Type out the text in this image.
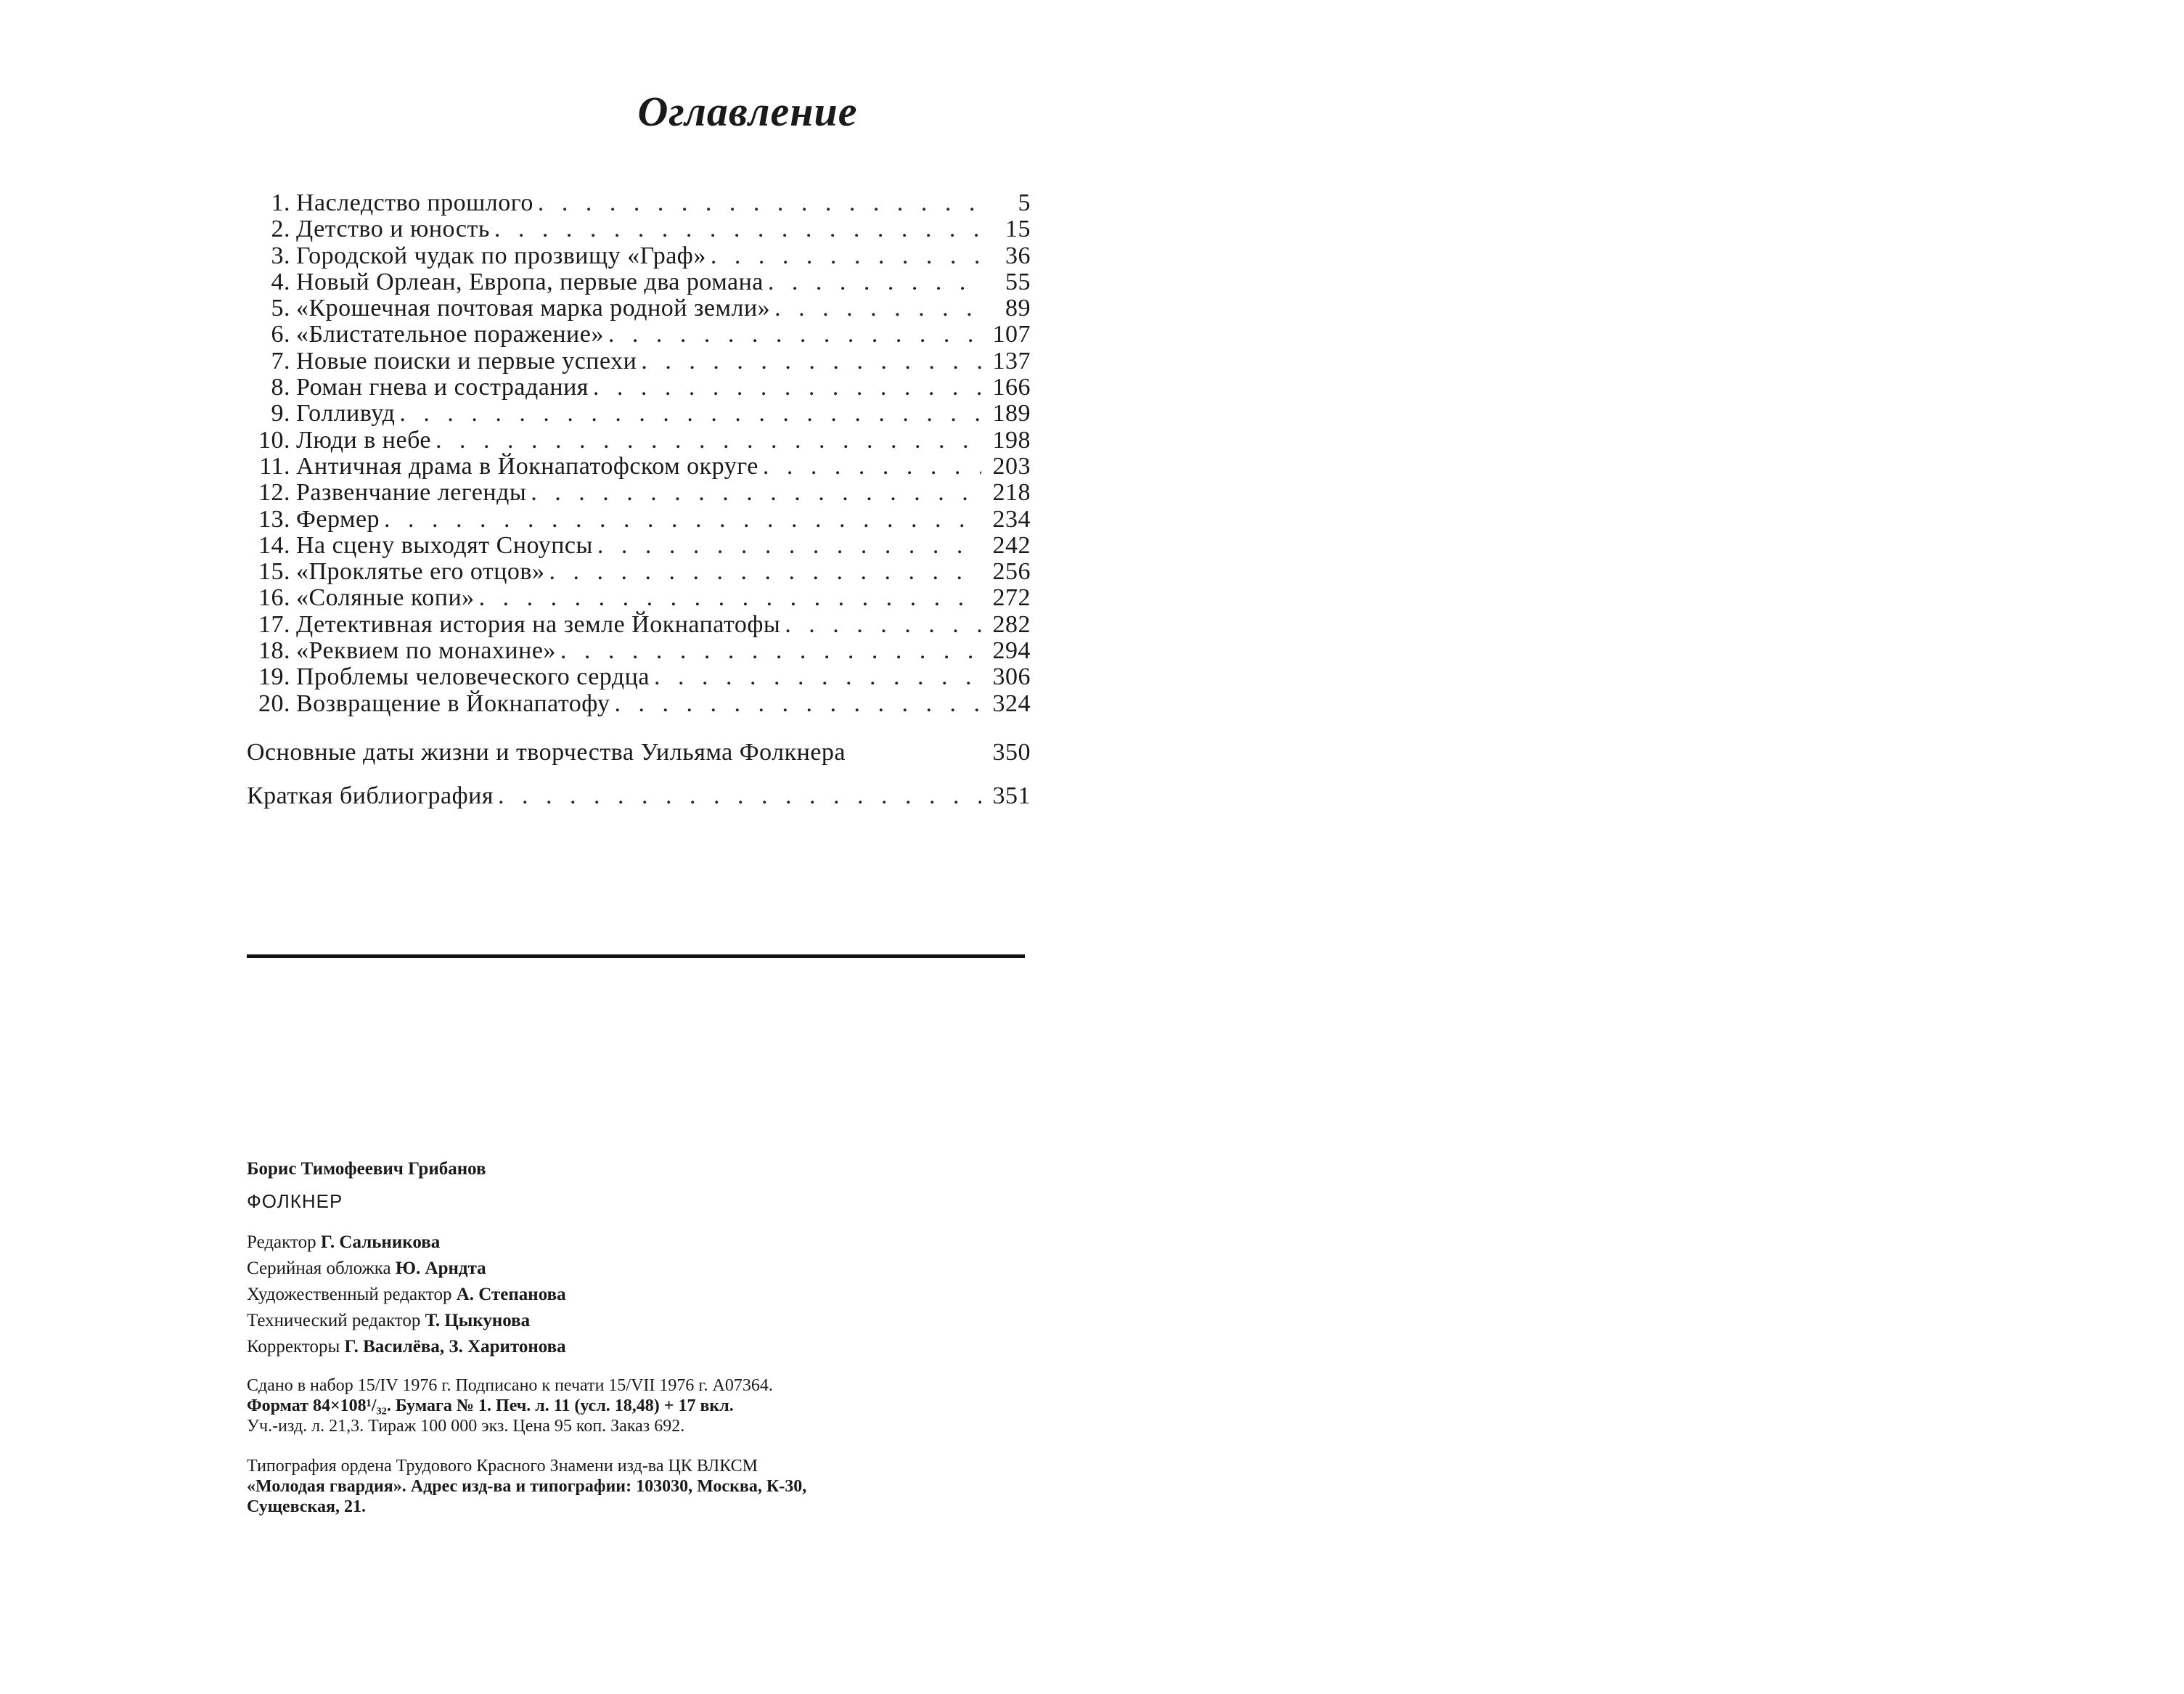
Оглавление
1. Наследство прошлого . . .	5
2. Детство и юность . . .	15
3. Городской чудак по прозвищу «Граф» . . .	36
4. Новый Орлеан, Европа, первые два романа . . .	55
5. «Крошечная почтовая марка родной земли» . . .	89
6. «Блистательное поражение» . . .	107
7. Новые поиски и первые успехи . . .	137
8. Роман гнева и сострадания . . .	166
9. Голливуд . . .	189
10. Люди в небе . . .	198
11. Античная драма в Йокнапатофском округе . . .	203
12. Развенчание легенды . . .	218
13. Фермер . . .	234
14. На сцену выходят Сноупсы . . .	242
15. «Проклятье его отцов» . . .	256
16. «Соляные копи» . . .	272
17. Детективная история на земле Йокнапатофы . . .	282
18. «Реквием по монахине» . . .	294
19. Проблемы человеческого сердца . . .	306
20. Возвращение в Йокнапатофу . . .	324
Основные даты жизни и творчества Уильяма Фолкнера	350
Краткая библиография . . .	351
Борис Тимофеевич Грибанов
ФОЛКНЕР
Редактор Г. Сальникова
Серийная обложка Ю. Арндта
Художественный редактор А. Степанова
Технический редактор Т. Цыкунова
Корректоры Г. Василёва, З. Харитонова
Сдано в набор 15/IV 1976 г. Подписано к печати 15/VII 1976 г. А07364.
Формат 84×108¹/₃₂. Бумага № 1. Печ. л. 11 (усл. 18,48) + 17 вкл.
Уч.-изд. л. 21,3. Тираж 100 000 экз. Цена 95 коп. Заказ 692.
Типография ордена Трудового Красного Знамени изд-ва ЦК ВЛКСМ
«Молодая гвардия». Адрес изд-ва и типографии: 103030, Москва, К-30,
Сущевская, 21.
